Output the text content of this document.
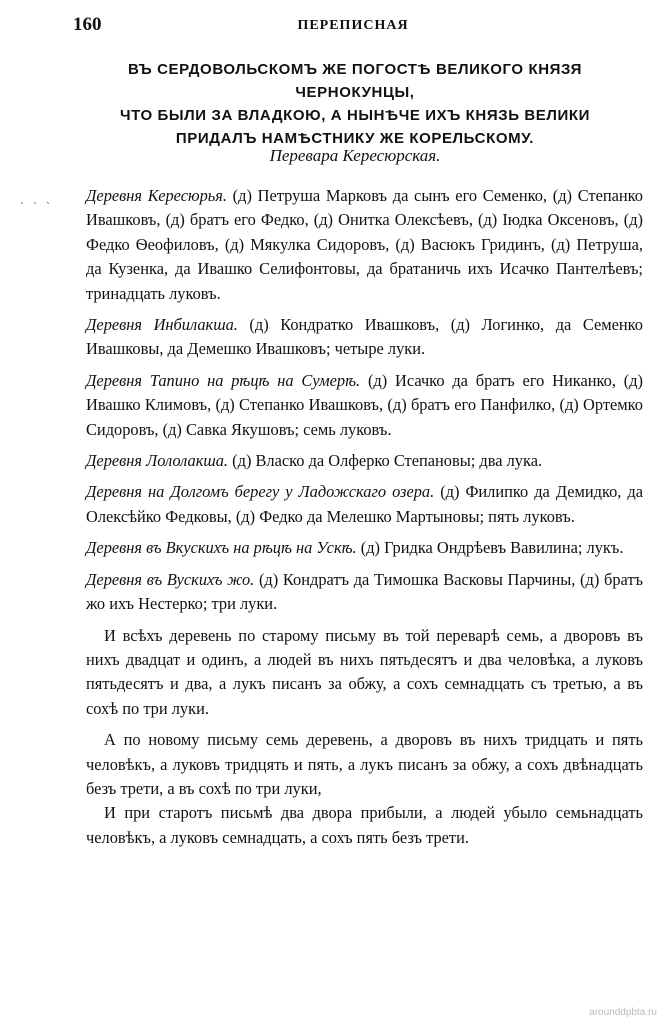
160	ПЕРЕПИСНАЯ
ВЪ СЕРДОВОЛЬСКОМЪ ЖЕ ПОГОСТѢ ВЕЛИКОГО КНЯЗЯ ЧЕРНОКУНЦЫ,
ЧТО БЫЛИ ЗА ВЛАДКОЮ, А НЫНѢЧЕ ИХЪ КНЯЗЬ ВЕЛИКИ
ПРИДАЛЪ НАМѢСТНИКУ ЖЕ КОРЕЛЬСКОМУ.
Перевара Кересюрская.
˴ ˴ ˴ Деревня Кересюрья. (д) Петруша Марковъ да сынъ его Семенко, (д) Степанко Ивашковъ, (д) братъ его Федко, (д) Онитка Олексѣевъ, (д) Іюдка Оксеновъ, (д) Федко Ѳеофиловъ, (д) Мякулка Сидоровъ, (д) Васюкъ Гридинъ, (д) Петруша, да Кузенка, да Ивашко Селифонтовы, да братаничь ихъ Исачко Пантелѣевъ; тринадцать луковъ.

Деревня Инбилакша. (д) Кондратко Ивашковъ, (д) Логинко, да Семенко Ивашковы, да Демешко Ивашковъ; четыре луки.

Деревня Тапино на рѣцѣ на Сумерѣ. (д) Исачко да братъ его Никанко, (д) Ивашко Климовъ, (д) Степанко Ивашковъ, (д) братъ его Панфилко, (д) Ортемко Сидоровъ, (д) Савка Якушовъ; семь луковъ.

Деревня Лололакша. (д) Власко да Олферко Степановы; два лука.

Деревня на Долгомъ берегу у Ладожскаго озера. (д) Филипко да Демидко, да Олексѣйко Федковы, (д) Федко да Мелешко Мартыновы; пять луковъ.

Деревня въ Вкускихъ на рѣцѣ на Ускѣ. (д) Гридка Ондрѣевъ Вавилина; лукъ.

Деревня въ Вускихъ жо. (д) Кондратъ да Тимошка Васковы Парчины, (д) братъ жо ихъ Нестерко; три луки.

И всѣхъ деревень по старому письму въ той переварѣ семь, а дворовъ въ нихъ двадцат и одинъ, а людей въ нихъ пятьдесятъ и два человѣка, а луковъ пятьдесятъ и два, а лукъ писанъ за обжу, а сохъ семнадцать съ третью, а въ сохѣ по три луки.

А по новому письму семь деревень, а дворовъ въ нихъ тридцать и пять человѣкъ, а луковъ тридцять и пять, а лукъ писанъ за обжу, а сохъ двѣнадцать безъ трети, а въ сохѣ по три луки,

И при старотъ письмѣ два двора прибыли, а людей убыло семьнадцать человѣкъ, а луковъ семнадцать, а сохъ пять безъ трети.

arounddpbta.ru
